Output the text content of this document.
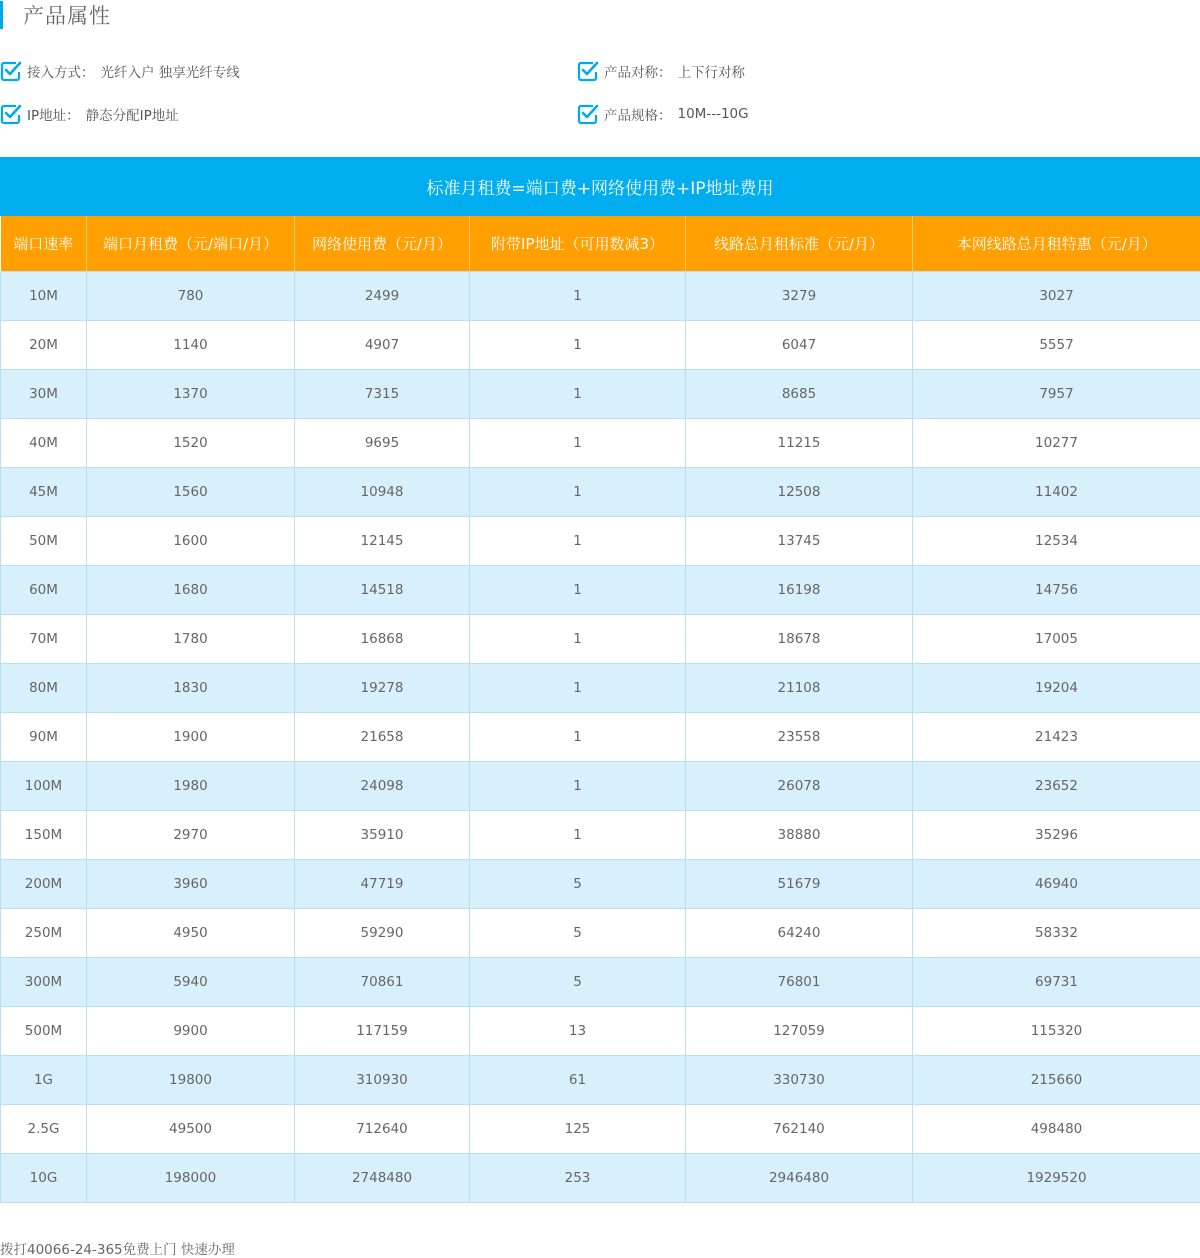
产品属性
接入方式： 光纤入户 独享光纤专线	产品对称： 上下行对称
IP地址： 静态分配IP地址	产品规格： 10M---10G
标准月租费=端口费+网络使用费+IP地址费用
端口速率	端口月租费（元/端口/月）	网络使用费（元/月）	附带IP地址（可用数减3）	线路总月租标准（元/月）	本网线路总月租特惠（元/月）
10M	780	2499	1	3279	3027
20M	1140	4907	1	6047	5557
30M	1370	7315	1	8685	7957
40M	1520	9695	1	11215	10277
45M	1560	10948	1	12508	11402
50M	1600	12145	1	13745	12534
60M	1680	14518	1	16198	14756
70M	1780	16868	1	18678	17005
80M	1830	19278	1	21108	19204
90M	1900	21658	1	23558	21423
100M	1980	24098	1	26078	23652
150M	2970	35910	1	38880	35296
200M	3960	47719	5	51679	46940
250M	4950	59290	5	64240	58332
300M	5940	70861	5	76801	69731
500M	9900	117159	13	127059	115320
1G	19800	310930	61	330730	215660
2.5G	49500	712640	125	762140	498480
10G	198000	2748480	253	2946480	1929520
拨打40066-24-365免费上门 快速办理
